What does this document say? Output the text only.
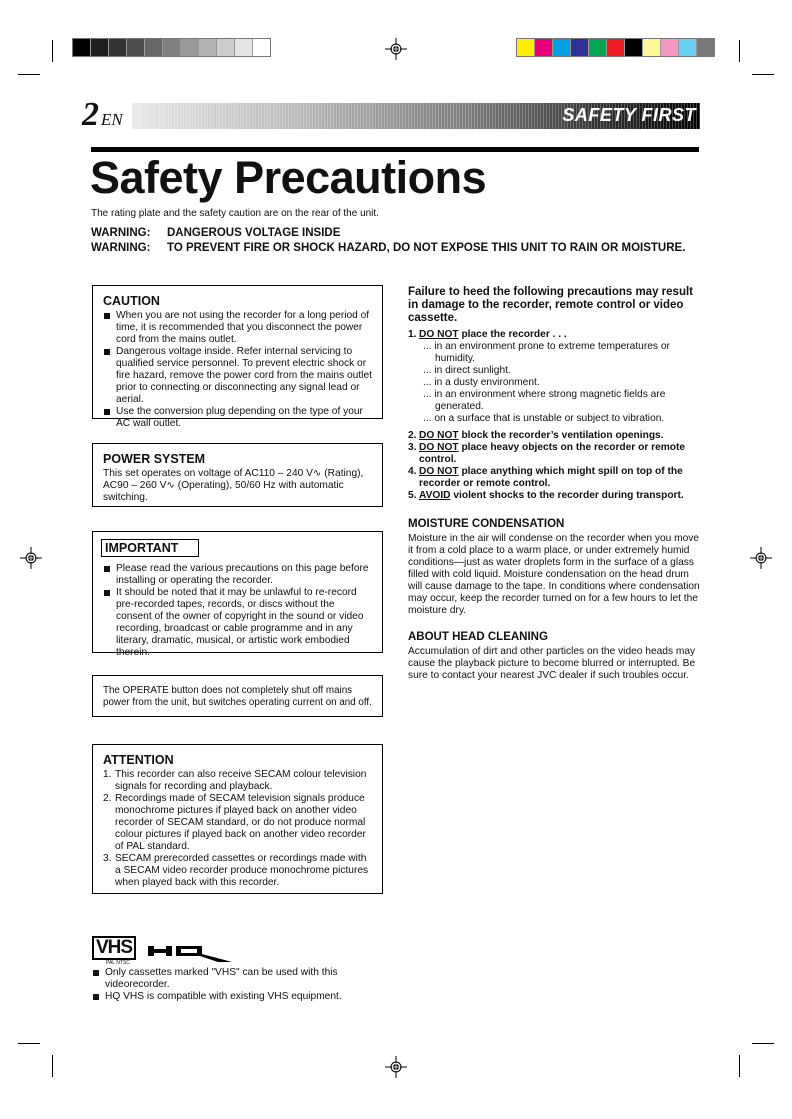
2 EN	SAFETY FIRST
Safety Precautions
The rating plate and the safety caution are on the rear of the unit.
WARNING: DANGEROUS VOLTAGE INSIDE
WARNING: TO PREVENT FIRE OR SHOCK HAZARD, DO NOT EXPOSE THIS UNIT TO RAIN OR MOISTURE.
CAUTION
When you are not using the recorder for a long period of time, it is recommended that you disconnect the power cord from the mains outlet.
Dangerous voltage inside. Refer internal servicing to qualified service personnel. To prevent electric shock or fire hazard, remove the power cord from the mains outlet prior to connecting or disconnecting any signal lead or aerial.
Use the conversion plug depending on the type of your AC wall outlet.
POWER SYSTEM
This set operates on voltage of AC110 – 240 V∿ (Rating), AC90 – 260 V∿ (Operating), 50/60 Hz with automatic switching.
IMPORTANT
Please read the various precautions on this page before installing or operating the recorder.
It should be noted that it may be unlawful to re-record pre-recorded tapes, records, or discs without the consent of the owner of copyright in the sound or video recording, broadcast or cable programme and in any literary, dramatic, musical, or artistic work embodied therein.
The OPERATE button does not completely shut off mains power from the unit, but switches operating current on and off.
ATTENTION
1. This recorder can also receive SECAM colour television signals for recording and playback.
2. Recordings made of SECAM television signals produce monochrome pictures if played back on another video recorder of SECAM standard, or do not produce normal colour pictures if played back on another video recorder of PAL standard.
3. SECAM prerecorded cassettes or recordings made with a SECAM video recorder produce monochrome pictures when played back with this recorder.
VHS
PAL NTSC
Only cassettes marked "VHS" can be used with this videorecorder.
HQ VHS is compatible with existing VHS equipment.
Failure to heed the following precautions may result in damage to the recorder, remote control or video cassette.
1. DO NOT place the recorder . . .
... in an environment prone to extreme temperatures or humidity.
... in direct sunlight.
... in a dusty environment.
... in an environment where strong magnetic fields are generated.
... on a surface that is unstable or subject to vibration.
2. DO NOT block the recorder’s ventilation openings.
3. DO NOT place heavy objects on the recorder or remote control.
4. DO NOT place anything which might spill on top of the recorder or remote control.
5. AVOID violent shocks to the recorder during transport.
MOISTURE CONDENSATION
Moisture in the air will condense on the recorder when you move it from a cold place to a warm place, or under extremely humid conditions—just as water droplets form in the surface of a glass filled with cold liquid. Moisture condensation on the head drum will cause damage to the tape. In conditions where condensation may occur, keep the recorder turned on for a few hours to let the moisture dry.
ABOUT HEAD CLEANING
Accumulation of dirt and other particles on the video heads may cause the playback picture to become blurred or interrupted. Be sure to contact your nearest JVC dealer if such troubles occur.
